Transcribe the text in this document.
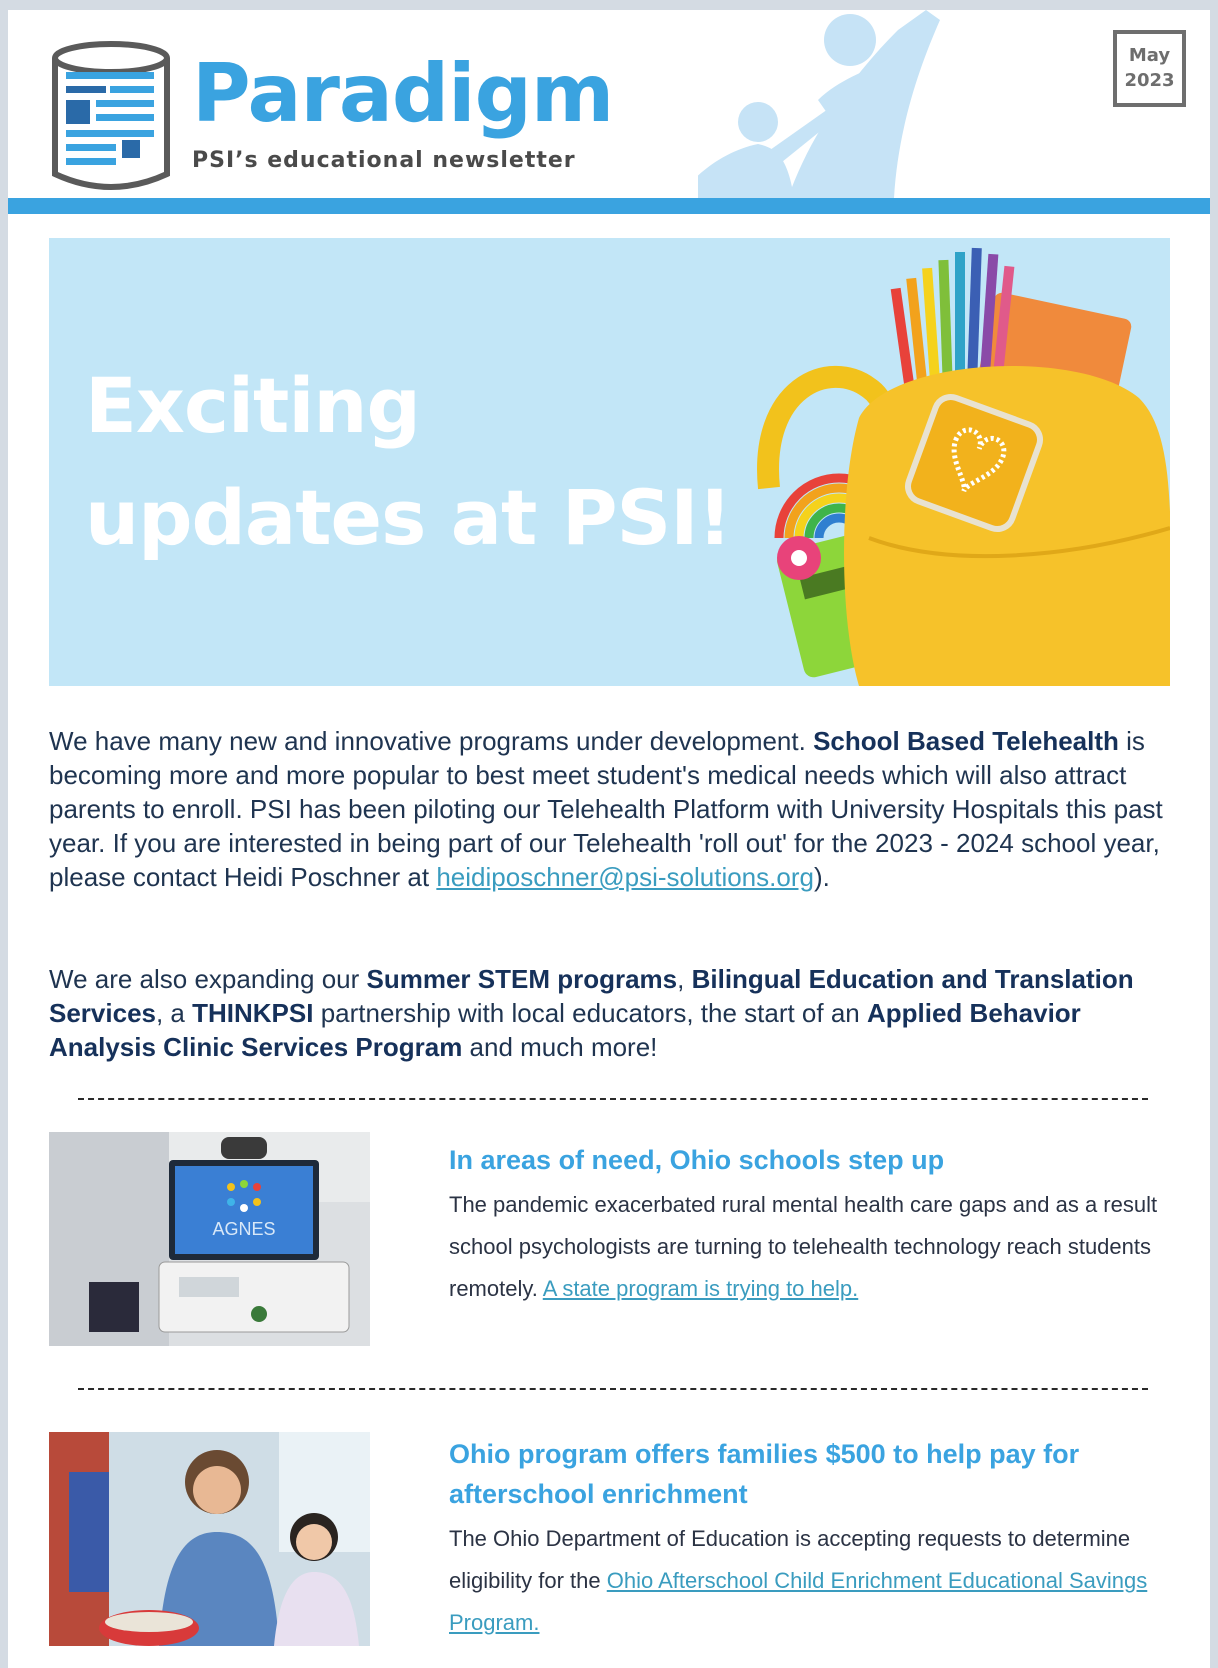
Paradigm
PSI’s educational newsletter
May
2023
Exciting
updates at PSI!

We have many new and innovative programs under development. School Based Telehealth is becoming more and more popular to best meet student's medical needs which will also attract parents to enroll. PSI has been piloting our Telehealth Platform with University Hospitals this past year. If you are interested in being part of our Telehealth 'roll out' for the 2023 - 2024 school year, please contact Heidi Poschner at heidiposchner@psi-solutions.org).

We are also expanding our Summer STEM programs, Bilingual Education and Translation Services, a THINKPSI partnership with local educators, the start of an Applied Behavior Analysis Clinic Services Program and much more!

AGNES
In areas of need, Ohio schools step up
The pandemic exacerbated rural mental health care gaps and as a result school psychologists are turning to telehealth technology reach students remotely. A state program is trying to help.
Ohio program offers families $500 to help pay for afterschool enrichment
The Ohio Department of Education is accepting requests to determine eligibility for the Ohio Afterschool Child Enrichment Educational Savings Program.
